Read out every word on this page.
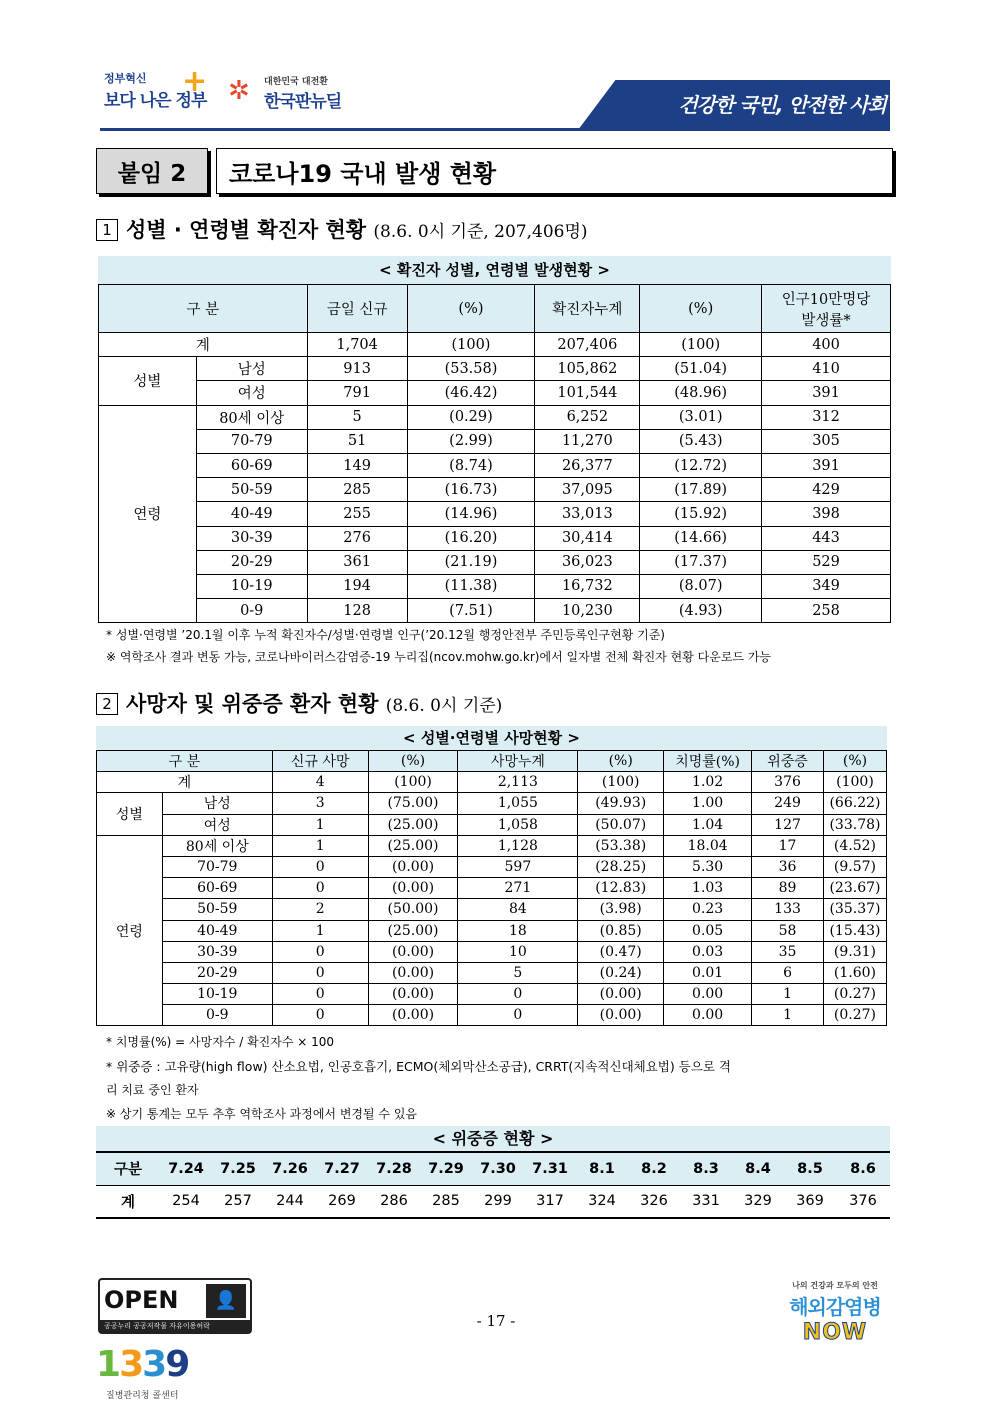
정부혁신
보다 나은 정부
+ ✲ 대한민국 대전환
한국판뉴딜	건강한 국민, 안전한 사회
붙임 2	코로나19 국내 발생 현황
1 성별 · 연령별 확진자 현황 (8.6. 0시 기준, 207,406명)
< 확진자 성별, 연령별 발생현황 >
구 분		금일 신규	(%)	확진자누계	(%)	인구10만명당
발생률*
계		1,704	(100)	207,406	(100)	400
성별	남성	913	(53.58)	105,862	(51.04)	410
	여성	791	(46.42)	101,544	(48.96)	391
연령	80세 이상	5	(0.29)	6,252	(3.01)	312
	70-79	51	(2.99)	11,270	(5.43)	305
	60-69	149	(8.74)	26,377	(12.72)	391
	50-59	285	(16.73)	37,095	(17.89)	429
	40-49	255	(14.96)	33,013	(15.92)	398
	30-39	276	(16.20)	30,414	(14.66)	443
	20-29	361	(21.19)	36,023	(17.37)	529
	10-19	194	(11.38)	16,732	(8.07)	349
	0-9	128	(7.51)	10,230	(4.93)	258
* 성별·연령별 ’20.1월 이후 누적 확진자수/성별·연령별 인구(’20.12월 행정안전부 주민등록인구현황 기준)
※ 역학조사 결과 변동 가능, 코로나바이러스감염증-19 누리집(ncov.mohw.go.kr)에서 일자별 전체 확진자 현황 다운로드 가능
2 사망자 및 위중증 환자 현황 (8.6. 0시 기준)
< 성별·연령별 사망현황 >
구 분		신규 사망	(%)	사망누계	(%)	치명률(%)	위중증	(%)
계		4	(100)	2,113	(100)	1.02	376	(100)
성별	남성	3	(75.00)	1,055	(49.93)	1.00	249	(66.22)
	여성	1	(25.00)	1,058	(50.07)	1.04	127	(33.78)
연령	80세 이상	1	(25.00)	1,128	(53.38)	18.04	17	(4.52)
	70-79	0	(0.00)	597	(28.25)	5.30	36	(9.57)
	60-69	0	(0.00)	271	(12.83)	1.03	89	(23.67)
	50-59	2	(50.00)	84	(3.98)	0.23	133	(35.37)
	40-49	1	(25.00)	18	(0.85)	0.05	58	(15.43)
	30-39	0	(0.00)	10	(0.47)	0.03	35	(9.31)
	20-29	0	(0.00)	5	(0.24)	0.01	6	(1.60)
	10-19	0	(0.00)	0	(0.00)	0.00	1	(0.27)
	0-9	0	(0.00)	0	(0.00)	0.00	1	(0.27)
* 치명률(%) = 사망자수 / 확진자수 × 100
* 위중증 : 고유량(high flow) 산소요법, 인공호흡기, ECMO(체외막산소공급), CRRT(지속적신대체요법) 등으로 격
리 치료 중인 환자
※ 상기 통계는 모두 추후 역학조사 과정에서 변경될 수 있음
< 위중증 현황 >
구분	7.24	7.25	7.26	7.27	7.28	7.29	7.30	7.31	8.1	8.2	8.3	8.4	8.5	8.6
계	254	257	244	269	286	285	299	317	324	326	331	329	369	376
OPEN	👤
공공누리 공공저작물 자유이용허락	- 17 -
1339
질병관리청 콜센터
나의 건강과 모두의 안전
해외감염병
NOW
